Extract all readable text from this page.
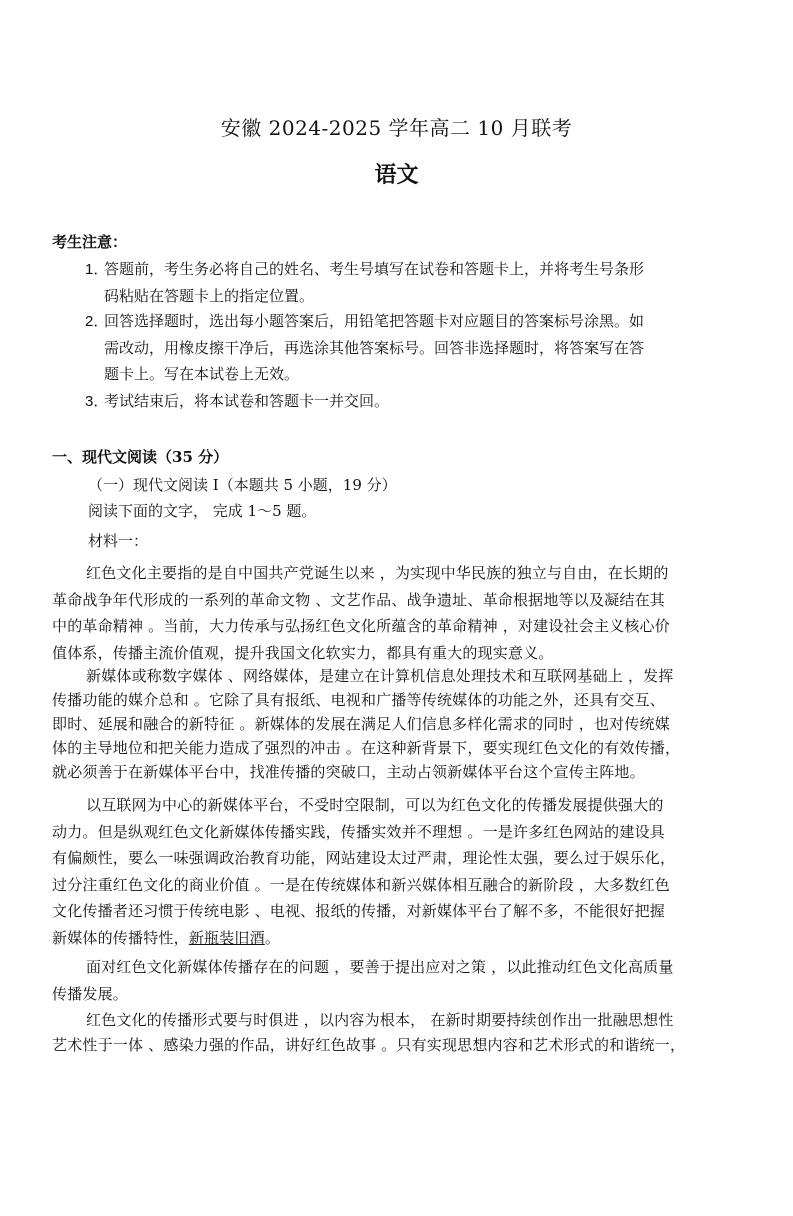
安徽 2024-2025 学年高二 10 月联考
语文
考生注意：
1．答题前，考生务必将自己的姓名、考生号填写在试卷和答题卡上，并将考生号条形
码粘贴在答题卡上的指定位置。
2．回答选择题时，选出每小题答案后，用铅笔把答题卡对应题目的答案标号涂黑。如
需改动，用橡皮擦干净后，再选涂其他答案标号。回答非选择题时，将答案写在答
题卡上。写在本试卷上无效。
3．考试结束后，将本试卷和答题卡一并交回。
一、现代文阅读（35 分）
（一）现代文阅读 I（本题共 5 小题，19 分）
阅读下面的文字， 完成 1～5 题。
材料一：
红色文化主要指的是自中国共产党诞生以来 ，为实现中华民族的独立与自由，在长期的
革命战争年代形成的一系列的革命文物 、文艺作品、战争遗址、革命根据地等以及凝结在其
中的革命精神 。当前，大力传承与弘扬红色文化所蕴含的革命精神 ，对建设社会主义核心价
值体系，传播主流价值观，提升我国文化软实力，都具有重大的现实意义。
新媒体或称数字媒体 、网络媒体，是建立在计算机信息处理技术和互联网基础上 ，发挥
传播功能的媒介总和 。它除了具有报纸、电视和广播等传统媒体的功能之外，还具有交互、
即时、延展和融合的新特征 。新媒体的发展在满足人们信息多样化需求的同时 ，也对传统媒
体的主导地位和把关能力造成了强烈的冲击 。在这种新背景下，要实现红色文化的有效传播，
就必须善于在新媒体平台中，找准传播的突破口，主动占领新媒体平台这个宣传主阵地。
以互联网为中心的新媒体平台，不受时空限制，可以为红色文化的传播发展提供强大的
动力。但是纵观红色文化新媒体传播实践，传播实效并不理想 。一是许多红色网站的建设具
有偏颇性，要么一味强调政治教育功能，网站建设太过严肃，理论性太强，要么过于娱乐化，
过分注重红色文化的商业价值 。一是在传统媒体和新兴媒体相互融合的新阶段 ，大多数红色
文化传播者还习惯于传统电影 、电视、报纸的传播，对新媒体平台了解不多，不能很好把握
新媒体的传播特性，新瓶装旧酒。
面对红色文化新媒体传播存在的问题 ，要善于提出应对之策 ，以此推动红色文化高质量
传播发展。
红色文化的传播形式要与时俱进 ，以内容为根本， 在新时期要持续创作出一批融思想性
艺术性于一体 、感染力强的作品，讲好红色故事 。只有实现思想内容和艺术形式的和谐统一，
